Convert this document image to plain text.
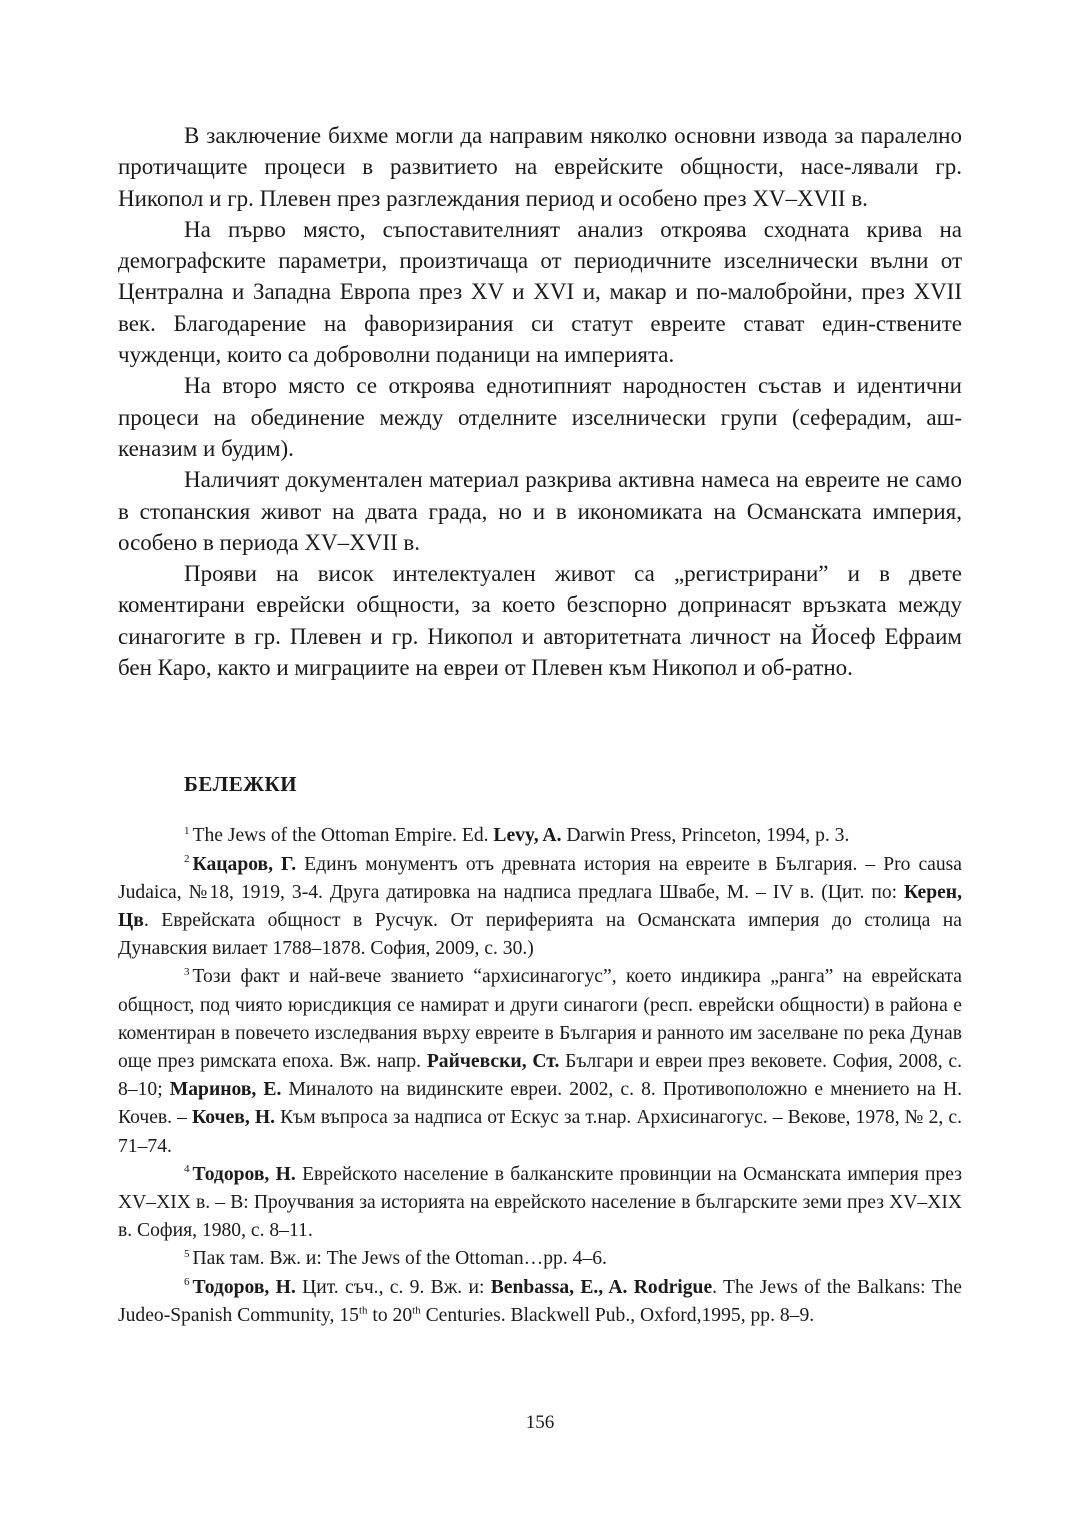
В заключение бихме могли да направим няколко основни извода за паралелно протичащите процеси в развитието на еврейските общности, насе-лявали гр. Никопол и гр. Плевен през разглеждания период и особено през XV–XVII в.

На първо място, съпоставителният анализ откроява сходната крива на демографските параметри, произтичаща от периодичните изселнически вълни от Централна и Западна Европа през XV и XVI и, макар и по-малобройни, през XVII век. Благодарение на фаворизирания си статут евреите стават един-ствените чужденци, които са доброволни поданици на империята.

На второ място се откроява еднотипният народностен състав и идентични процеси на обединение между отделните изселнически групи (сеферадим, аш-кеназим и будим).

Наличият документален материал разкрива активна намеса на евреите не само в стопанския живот на двата града, но и в икономиката на Османската империя, особено в периода XV–XVII в.

Прояви на висок интелектуален живот са „регистрирани” и в двете коментирани еврейски общности, за което безспорно допринасят връзката между синагогите в гр. Плевен и гр. Никопол и авторитетната личност на Йосеф Ефраим бен Каро, както и миграциите на евреи от Плевен към Никопол и об-ратно.

БЕЛЕЖКИ

$^1$ The Jews of the Ottoman Empire. Ed. Levy, A. Darwin Press, Princeton, 1994, p. 3.

$^2$ Кацаров, Г. Единъ монументъ отъ древната история на евреите в България. – Pro causa Judaica, №18, 1919, 3-4. Друга датировка на надписа предлага Швабе, М. – IV в. (Цит. по: Керен, Цв. Еврейската общност в Русчук. От периферията на Османската империя до столица на Дунавския вилает 1788–1878. София, 2009, с. 30.)

$^3$ Този факт и най-вече званието “архисинагогус”, което индикира „ранга” на еврейската общност, под чиято юрисдикция се намират и други синагоги (респ. еврейски общности) в района е коментиран в повечето изследвания върху евреите в България и ранното им заселване по река Дунав още през римската епоха. Вж. напр. Райчевски, Ст. Българи и евреи през вековете. София, 2008, с. 8–10; Маринов, Е. Миналото на видинските евреи. 2002, с. 8. Противоположно е мнението на Н. Кочев. – Кочев, Н. Към въпроса за надписа от Ескус за т.нар. Архисинагогус. – Векове, 1978, № 2, с. 71–74.

$^4$ Тодоров, Н. Еврейското население в балканските провинции на Османската империя през XV–XIX в. – В: Проучвания за историята на еврейското население в българските земи през XV–XIX в. София, 1980, с. 8–11.

$^5$ Пак там. Вж. и: The Jews of the Ottoman…pp. 4–6.

$^6$ Тодоров, Н. Цит. съч., с. 9. Вж. и: Benbassa, E., A. Rodrigue. The Jews of the Balkans: The Judeo-Spanish Community, 15th to 20th Centuries. Blackwell Pub., Oxford,1995, pp. 8–9.

156
